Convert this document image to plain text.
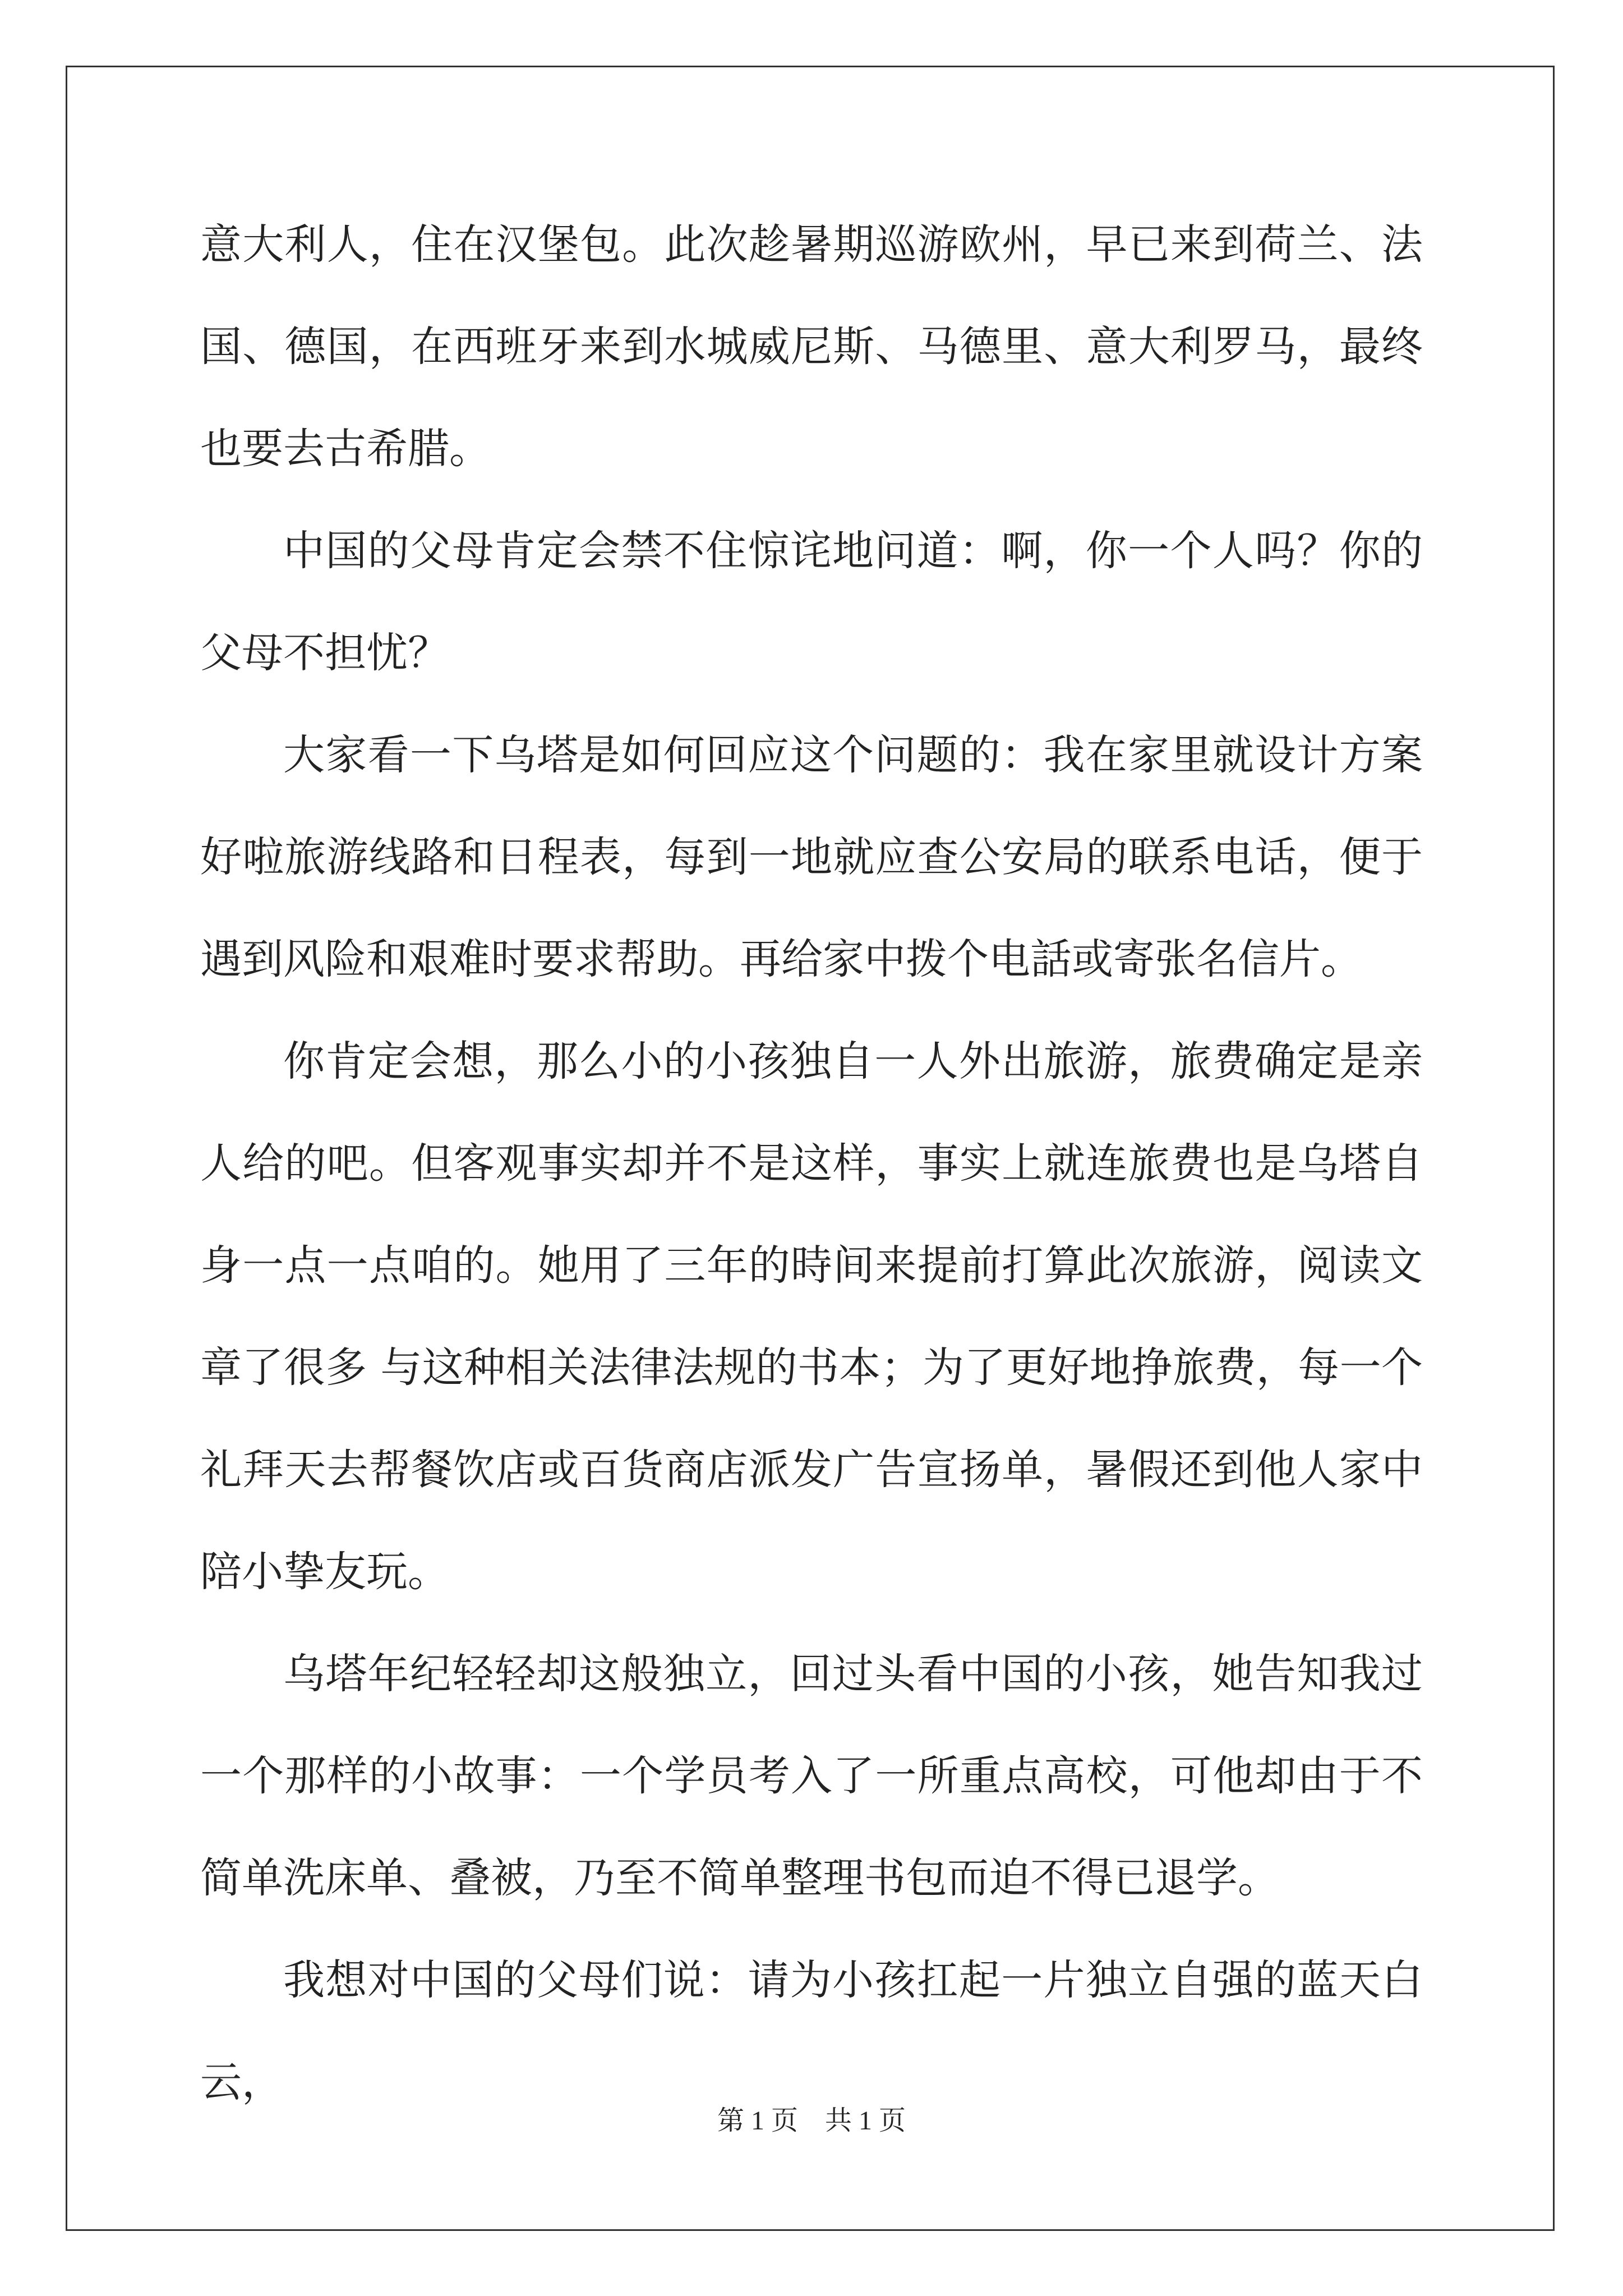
意大利人，住在汉堡包。此次趁暑期巡游欧州，早已来到荷兰、法国、德国，在西班牙来到水城威尼斯、马德里、意大利罗马，最终也要去古希腊。

中国的父母肯定会禁不住惊诧地问道：啊，你一个人吗？你的父母不担忧？

大家看一下乌塔是如何回应这个问题的：我在家里就设计方案好啦旅游线路和日程表，每到一地就应查公安局的联系电话，便于遇到风险和艰难时要求帮助。再给家中拨个电話或寄张名信片。

你肯定会想，那么小的小孩独自一人外出旅游，旅费确定是亲人给的吧。但客观事实却并不是这样，事实上就连旅费也是乌塔自身一点一点咱的。她用了三年的時间来提前打算此次旅游，阅读文章了很多 与这种相关法律法规的书本；为了更好地挣旅费，每一个礼拜天去帮餐饮店或百货商店派发广告宣扬单，暑假还到他人家中陪小挚友玩。

乌塔年纪轻轻却这般独立，回过头看中国的小孩，她告知我过一个那样的小故事：一个学员考入了一所重点高校，可他却由于不简单洗床单、叠被，乃至不简单整理书包而迫不得已退学。

我想对中国的父母们说：请为小孩扛起一片独立自强的蓝天白云，

第 1 页    共 1 页
